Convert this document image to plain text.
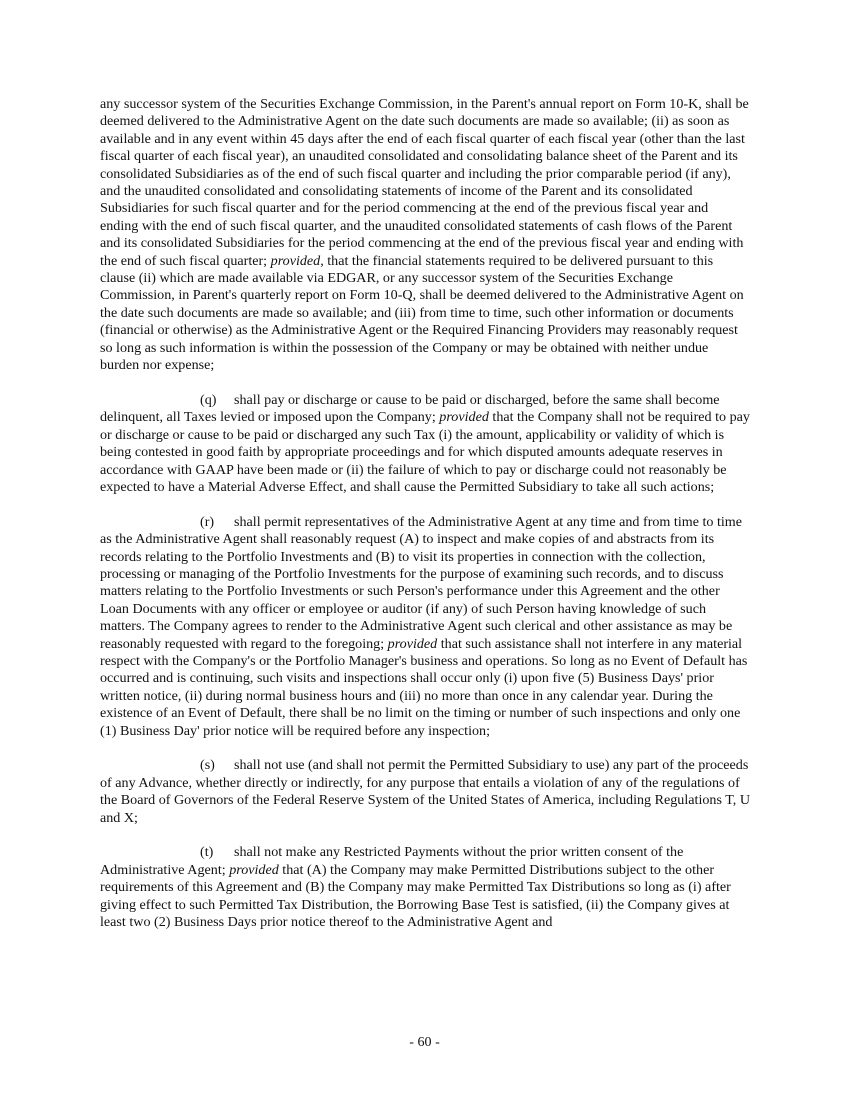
any successor system of the Securities Exchange Commission, in the Parent's annual report on Form 10-K, shall be deemed delivered to the Administrative Agent on the date such documents are made so available; (ii) as soon as available and in any event within 45 days after the end of each fiscal quarter of each fiscal year (other than the last fiscal quarter of each fiscal year), an unaudited consolidated and consolidating balance sheet of the Parent and its consolidated Subsidiaries as of the end of such fiscal quarter and including the prior comparable period (if any), and the unaudited consolidated and consolidating statements of income of the Parent and its consolidated Subsidiaries for such fiscal quarter and for the period commencing at the end of the previous fiscal year and ending with the end of such fiscal quarter, and the unaudited consolidated statements of cash flows of the Parent and its consolidated Subsidiaries for the period commencing at the end of the previous fiscal year and ending with the end of such fiscal quarter; provided, that the financial statements required to be delivered pursuant to this clause (ii) which are made available via EDGAR, or any successor system of the Securities Exchange Commission, in Parent's quarterly report on Form 10-Q, shall be deemed delivered to the Administrative Agent on the date such documents are made so available; and (iii) from time to time, such other information or documents (financial or otherwise) as the Administrative Agent or the Required Financing Providers may reasonably request so long as such information is within the possession of the Company or may be obtained with neither undue burden nor expense;

(q) shall pay or discharge or cause to be paid or discharged, before the same shall become delinquent, all Taxes levied or imposed upon the Company; provided that the Company shall not be required to pay or discharge or cause to be paid or discharged any such Tax (i) the amount, applicability or validity of which is being contested in good faith by appropriate proceedings and for which disputed amounts adequate reserves in accordance with GAAP have been made or (ii) the failure of which to pay or discharge could not reasonably be expected to have a Material Adverse Effect, and shall cause the Permitted Subsidiary to take all such actions;

(r) shall permit representatives of the Administrative Agent at any time and from time to time as the Administrative Agent shall reasonably request (A) to inspect and make copies of and abstracts from its records relating to the Portfolio Investments and (B) to visit its properties in connection with the collection, processing or managing of the Portfolio Investments for the purpose of examining such records, and to discuss matters relating to the Portfolio Investments or such Person's performance under this Agreement and the other Loan Documents with any officer or employee or auditor (if any) of such Person having knowledge of such matters. The Company agrees to render to the Administrative Agent such clerical and other assistance as may be reasonably requested with regard to the foregoing; provided that such assistance shall not interfere in any material respect with the Company's or the Portfolio Manager's business and operations. So long as no Event of Default has occurred and is continuing, such visits and inspections shall occur only (i) upon five (5) Business Days' prior written notice, (ii) during normal business hours and (iii) no more than once in any calendar year. During the existence of an Event of Default, there shall be no limit on the timing or number of such inspections and only one (1) Business Day' prior notice will be required before any inspection;

(s) shall not use (and shall not permit the Permitted Subsidiary to use) any part of the proceeds of any Advance, whether directly or indirectly, for any purpose that entails a violation of any of the regulations of the Board of Governors of the Federal Reserve System of the United States of America, including Regulations T, U and X;

(t) shall not make any Restricted Payments without the prior written consent of the Administrative Agent; provided that (A) the Company may make Permitted Distributions subject to the other requirements of this Agreement and (B) the Company may make Permitted Tax Distributions so long as (i) after giving effect to such Permitted Tax Distribution, the Borrowing Base Test is satisfied, (ii) the Company gives at least two (2) Business Days prior notice thereof to the Administrative Agent and

- 60 -
